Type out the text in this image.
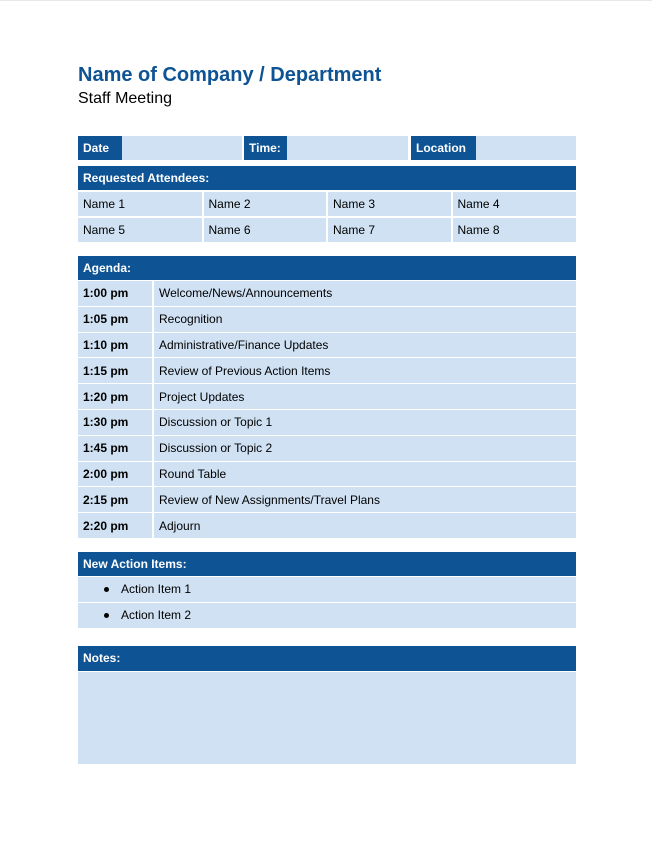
Name of Company / Department
Staff Meeting
Date			Time:			Location	
Requested Attendees:			
Name 1	Name 2	Name 3	Name 4
Name 5	Name 6	Name 7	Name 8
Agenda:	
1:00 pm	Welcome/News/Announcements
1:05 pm	Recognition
1:10 pm	Administrative/Finance Updates
1:15 pm	Review of Previous Action Items
1:20 pm	Project Updates
1:30 pm	Discussion or Topic 1
1:45 pm	Discussion or Topic 2
2:00 pm	Round Table
2:15 pm	Review of New Assignments/Travel Plans
2:20 pm	Adjourn
New Action Items:
Action Item 1
Action Item 2
Notes:
